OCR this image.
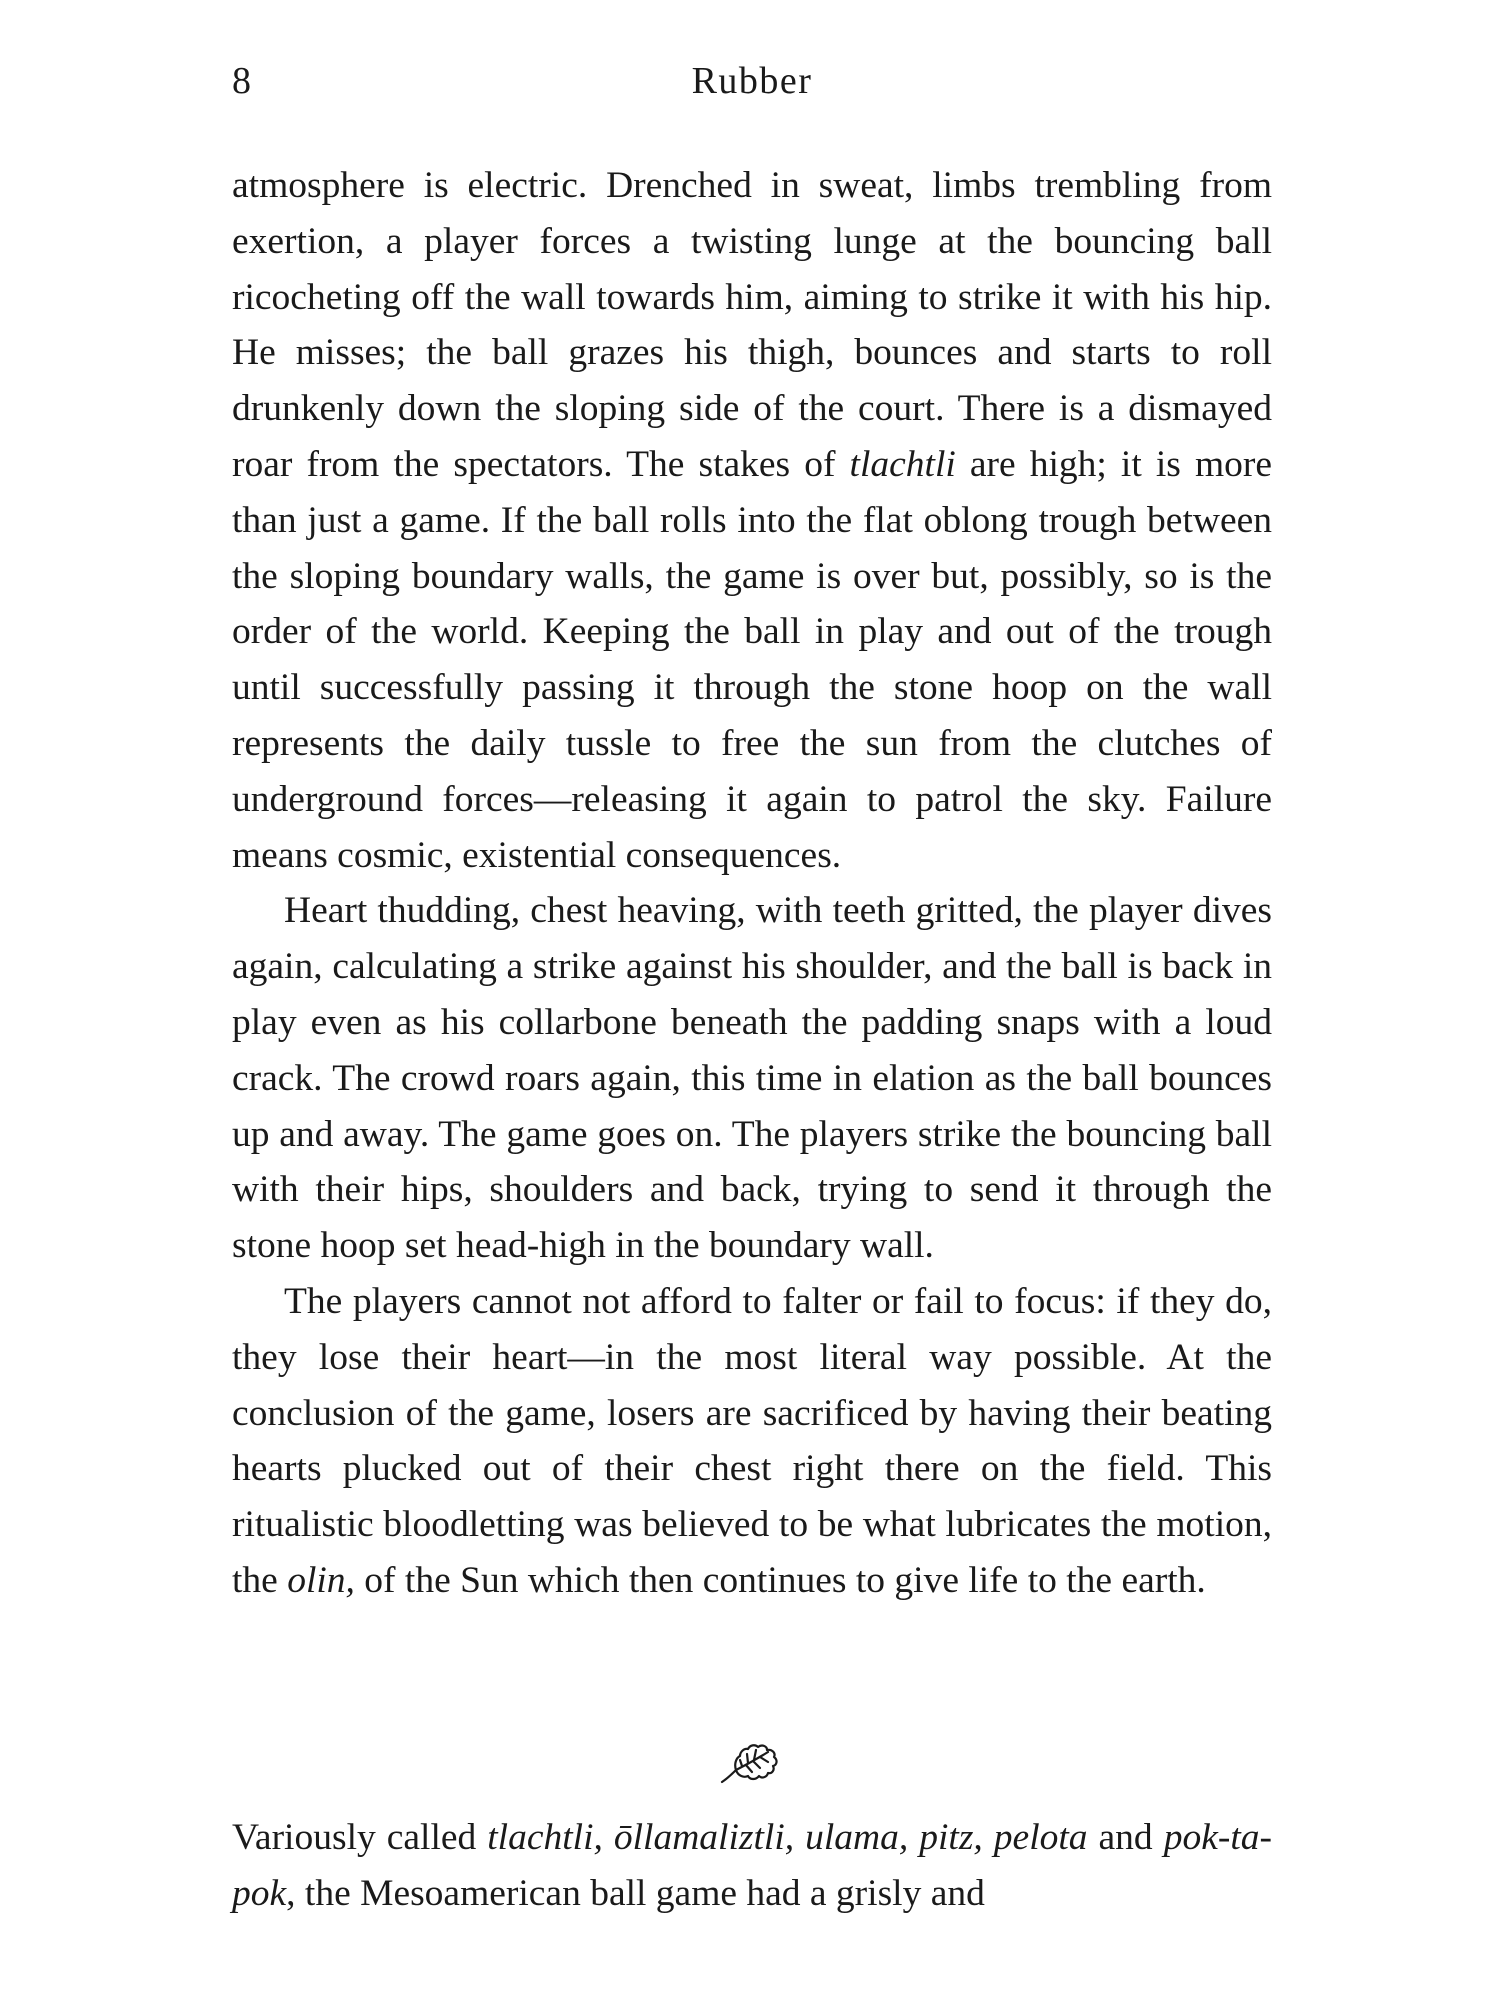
8	Rubber

atmosphere is electric. Drenched in sweat, limbs trembling from exertion, a player forces a twisting lunge at the bouncing ball ricocheting off the wall towards him, aiming to strike it with his hip. He misses; the ball grazes his thigh, bounces and starts to roll drunkenly down the sloping side of the court. There is a dismayed roar from the spectators. The stakes of tlachtli are high; it is more than just a game. If the ball rolls into the flat oblong trough between the sloping boundary walls, the game is over but, possibly, so is the order of the world. Keeping the ball in play and out of the trough until successfully passing it through the stone hoop on the wall represents the daily tussle to free the sun from the clutches of underground forces—releasing it again to patrol the sky. Failure means cosmic, existential consequences.

Heart thudding, chest heaving, with teeth gritted, the player dives again, calculating a strike against his shoulder, and the ball is back in play even as his collarbone beneath the padding snaps with a loud crack. The crowd roars again, this time in elation as the ball bounces up and away. The game goes on. The players strike the bouncing ball with their hips, shoulders and back, trying to send it through the stone hoop set head-high in the boundary wall.

The players cannot not afford to falter or fail to focus: if they do, they lose their heart—in the most literal way possible. At the conclusion of the game, losers are sacrificed by having their beating hearts plucked out of their chest right there on the field. This ritualistic bloodletting was believed to be what lubricates the motion, the olin, of the Sun which then continues to give life to the earth.

Variously called tlachtli, ōllamaliztli, ulama, pitz, pelota and pok-ta-pok, the Mesoamerican ball game had a grisly and
